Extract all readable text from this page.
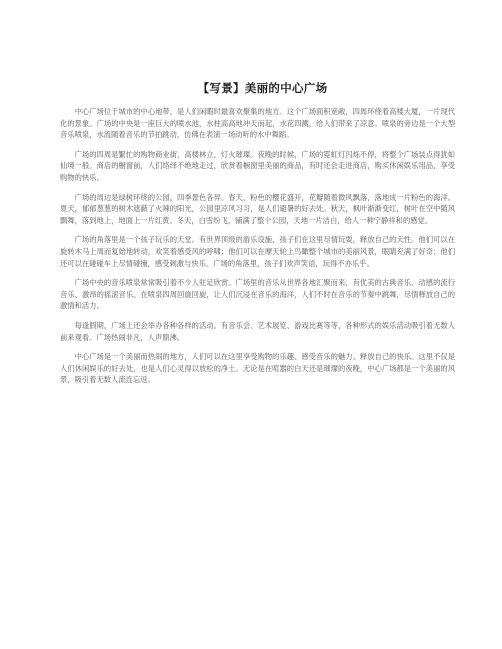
【写景】美丽的中心广场

中心广场位于城市的中心地带，是人们闲暇时最喜欢聚集的地方。这个广场面积宽敞，四周环绕着高楼大厦，一片现代化的景象。广场的中央是一座巨大的喷水池，水柱高高地冲天而起，水花四溅，给人们带来了凉意。喷泉的旁边是一个大型音乐喷泉，水流随着音乐的节拍跳动，仿佛在表演一场动听的水中舞蹈。

广场的四周是繁忙的购物商业街，高楼林立，灯火璀璨。夜晚的时候，广场的霓虹灯闪烁不停，将整个广场装点得犹如仙境一般。商店的橱窗前，人们络绎不绝地走过，欣赏着橱窗里美丽的商品，有时还会走进商店，购买休闲娱乐用品，享受购物的快乐。

广场的周边是绿树环绕的公园，四季景色各异。春天，粉色的樱花盛开，花瓣随着微风飘落，落地成一片粉色的海洋。夏天，郁郁葱葱的树木遮蔽了火辣的阳光，公园里凉风习习，是人们避暑的好去处。秋天，枫叶渐渐变红，树叶在空中随风飘舞，落到地上，地面上一片红黄。冬天，白雪纷飞，铺满了整个公园，天地一片洁白，给人一种宁静祥和的感觉。

广场的角落里是一个孩子玩乐的天堂。有世界顶级的游乐设施，孩子们在这里尽情玩耍，释放自己的天性。他们可以在旋转木马上周而复始地转动，欢笑着感受风的呼啸；他们可以在摩天轮上鸟瞰整个城市的美丽风景，眼睛充满了好奇；他们还可以在碰碰车上尽情碰撞，感受刺激与快乐。广场的角落里，孩子们欢声笑语，玩得不亦乐乎。

广场中央的音乐喷泉常常吸引着不少人驻足欣赏。广场里的音乐从世界各地汇聚而来，有优美的古典音乐、动感的流行音乐、激昂的摇滚音乐。在喷泉四周回旋回旋，让人们沉浸在音乐的海洋，人们不时在音乐的节奏中跳舞，尽情释放自己的激情和活力。

每逢假期，广场上还会举办各种各样的活动。有音乐会、艺术展览、游戏比赛等等，各种形式的娱乐活动吸引着无数人前来观看。广场热闹非凡，人声鼎沸。

中心广场是一个美丽而热闹的地方，人们可以在这里享受购物的乐趣、感受音乐的魅力、释放自己的快乐。这里不仅是人们休闲娱乐的好去处，也是人们心灵得以放松的净土。无论是在喧嚣的白天还是璀璨的夜晚，中心广场都是一个美丽的风景，吸引着无数人流连忘返。
